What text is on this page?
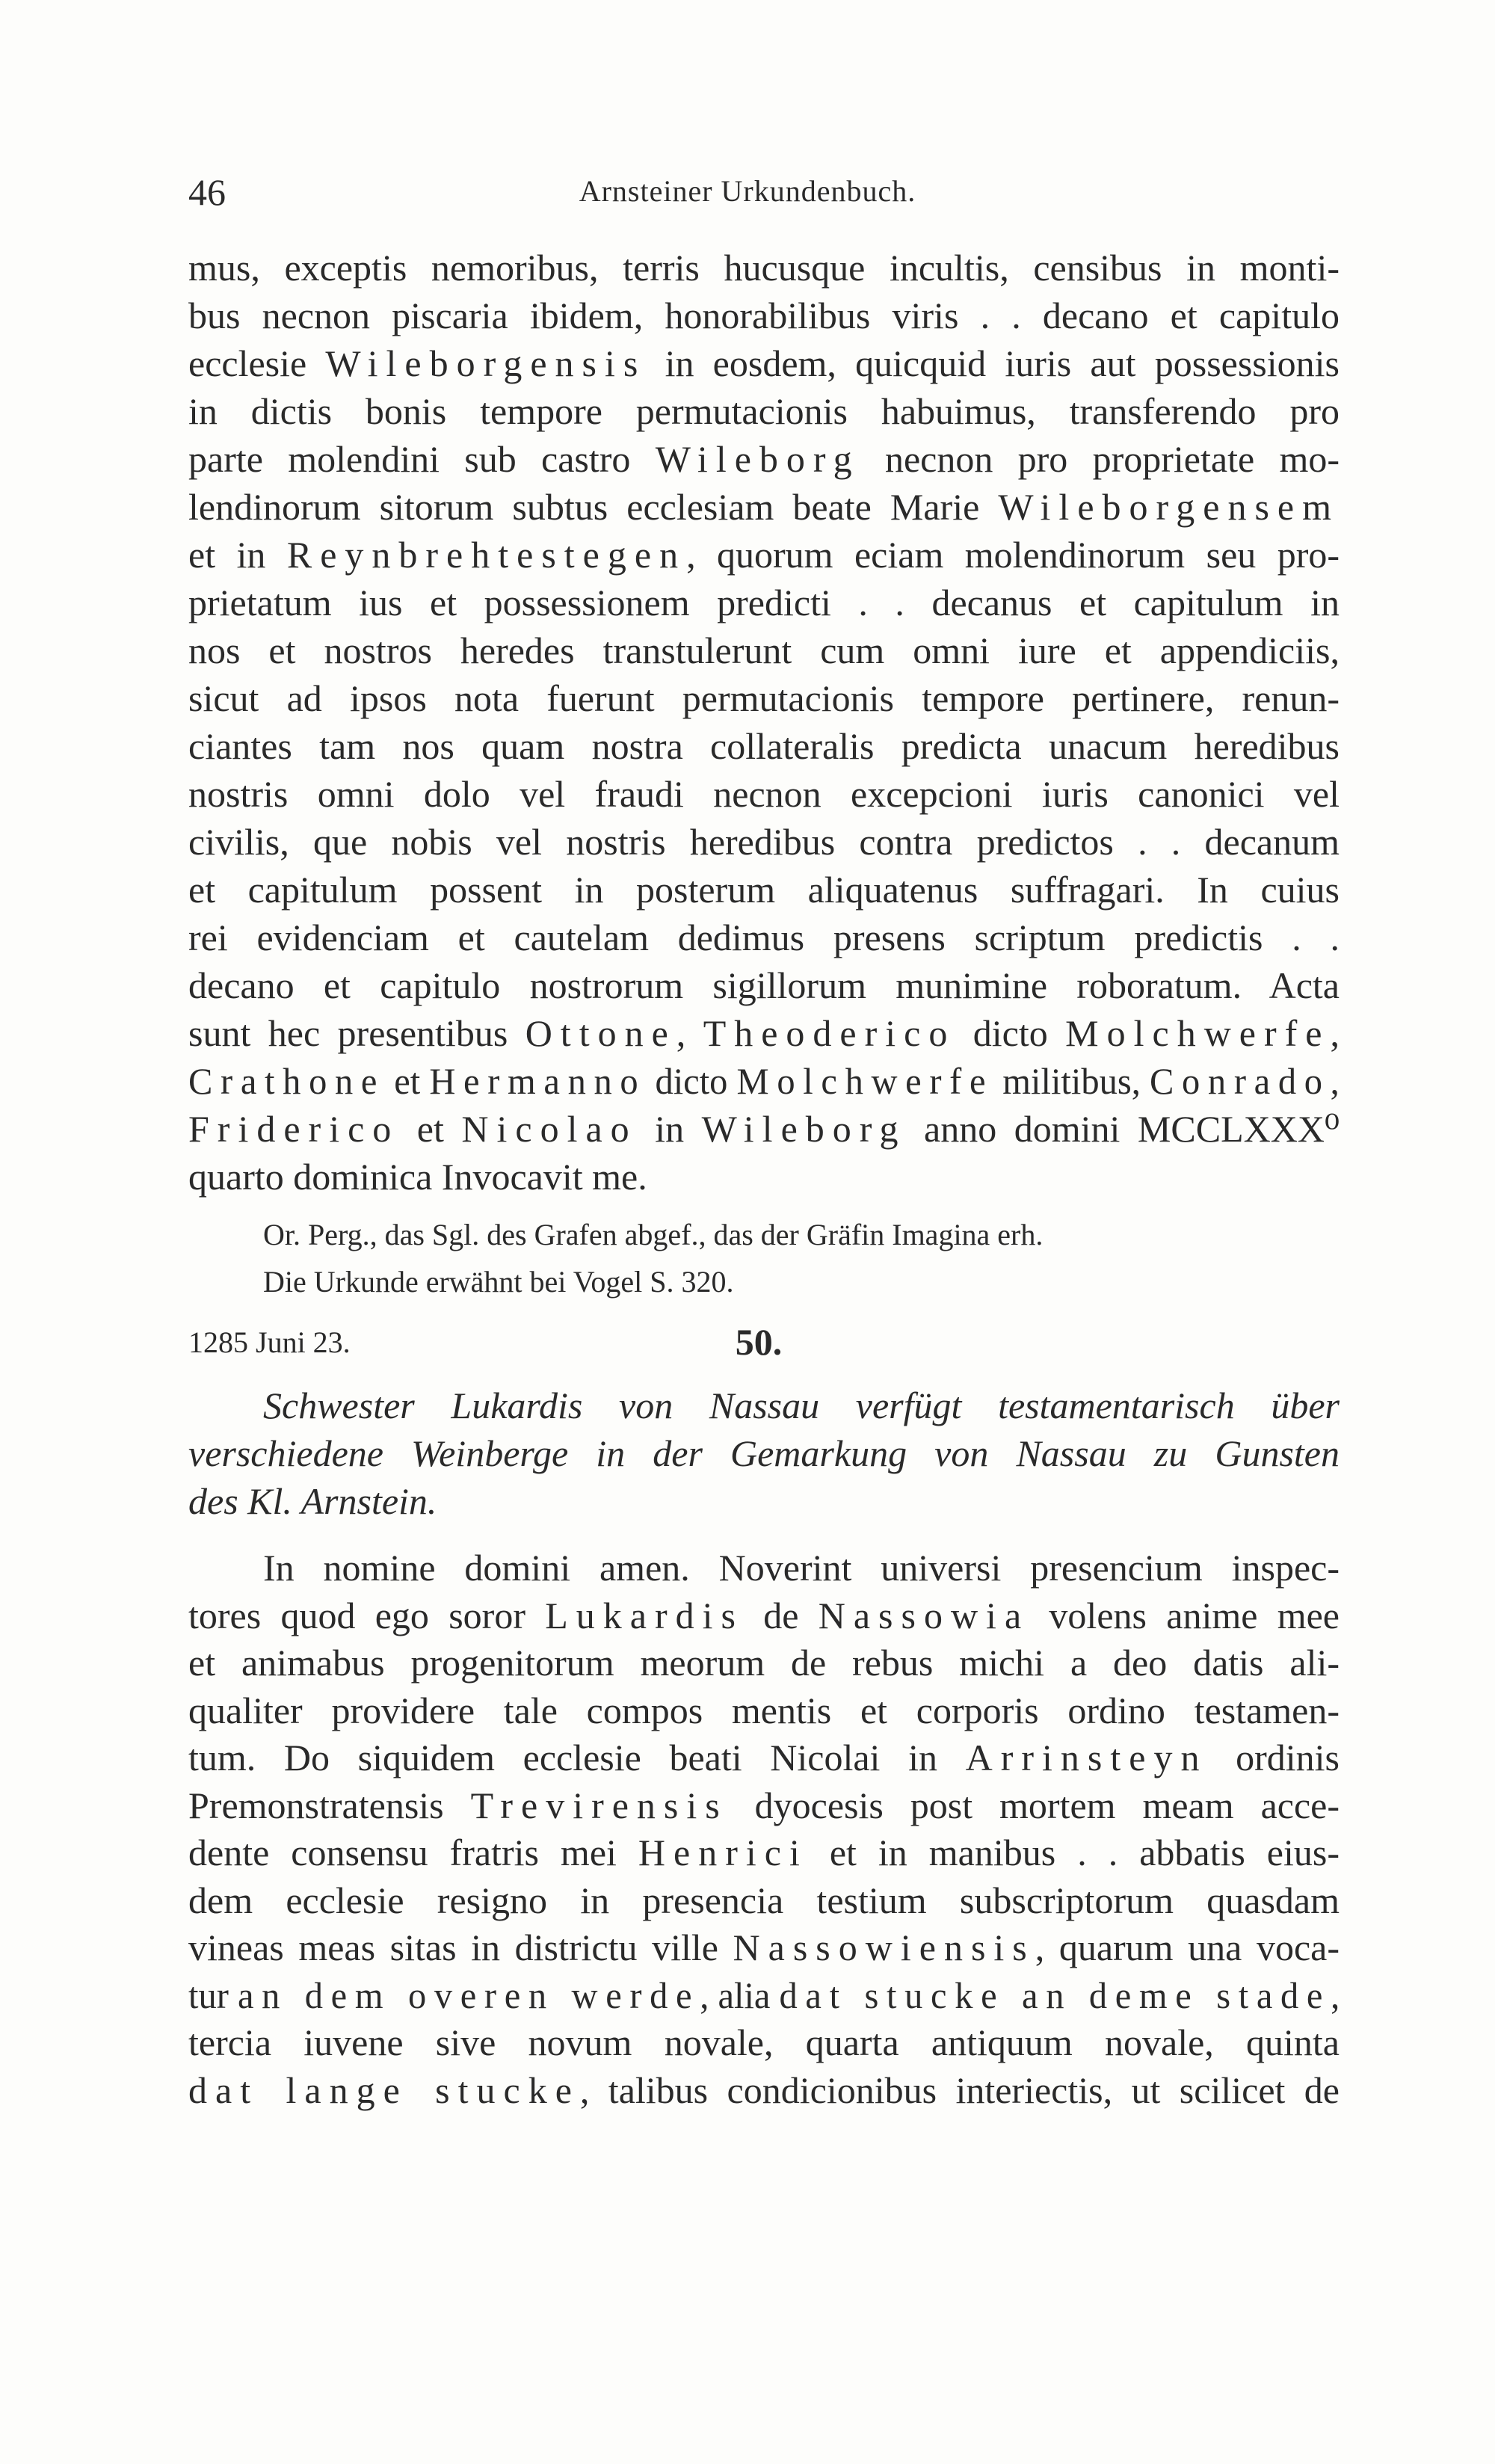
46	Arnsteiner Urkundenbuch.
mus, exceptis nemoribus, terris hucusque incultis, censibus in monti-
bus necnon piscaria ibidem, honorabilibus viris . . decano et capitulo
ecclesie Wileborgensis in eosdem, quicquid iuris aut possessionis
in dictis bonis tempore permutacionis habuimus, transferendo pro
parte molendini sub castro Wileborg necnon pro proprietate mo-
lendinorum sitorum subtus ecclesiam beate Marie Wileborgensem
et in Reynbrehtestegen, quorum eciam molendinorum seu pro-
prietatum ius et possessionem predicti . . decanus et capitulum in
nos et nostros heredes transtulerunt cum omni iure et appendiciis,
sicut ad ipsos nota fuerunt permutacionis tempore pertinere, renun-
ciantes tam nos quam nostra collateralis predicta unacum heredibus
nostris omni dolo vel fraudi necnon excepcioni iuris canonici vel
civilis, que nobis vel nostris heredibus contra predictos . . decanum
et capitulum possent in posterum aliquatenus suffragari. In cuius
rei evidenciam et cautelam dedimus presens scriptum predictis . .
decano et capitulo nostrorum sigillorum munimine roboratum. Acta
sunt hec presentibus Ottone, Theoderico dicto Molchwerfe,
Crathone et Hermanno dicto Molchwerfe militibus, Conrado,
Friderico et Nicolao in Wileborg anno domini MCCLXXX⁰
quarto dominica Invocavit me.
Or. Perg., das Sgl. des Grafen abgef., das der Gräfin Imagina erh.
Die Urkunde erwähnt bei Vogel S. 320.
1285 Juni 23.	50.
Schwester Lukardis von Nassau verfügt testamentarisch über
verschiedene Weinberge in der Gemarkung von Nassau zu Gunsten
des Kl. Arnstein.
In nomine domini amen. Noverint universi presencium inspec-
tores quod ego soror Lukardis de Nassowia volens anime mee
et animabus progenitorum meorum de rebus michi a deo datis ali-
qualiter providere tale compos mentis et corporis ordino testamen-
tum. Do siquidem ecclesie beati Nicolai in Arrinsteyn ordinis
Premonstratensis Trevirensis dyocesis post mortem meam acce-
dente consensu fratris mei Henrici et in manibus . . abbatis eius-
dem ecclesie resigno in presencia testium subscriptorum quasdam
vineas meas sitas in districtu ville Nassowiensis, quarum una voca-
tur an dem overen werde, alia dat stucke an deme stade,
tercia iuvene sive novum novale, quarta antiquum novale, quinta
dat lange stucke, talibus condicionibus interiectis, ut scilicet de
